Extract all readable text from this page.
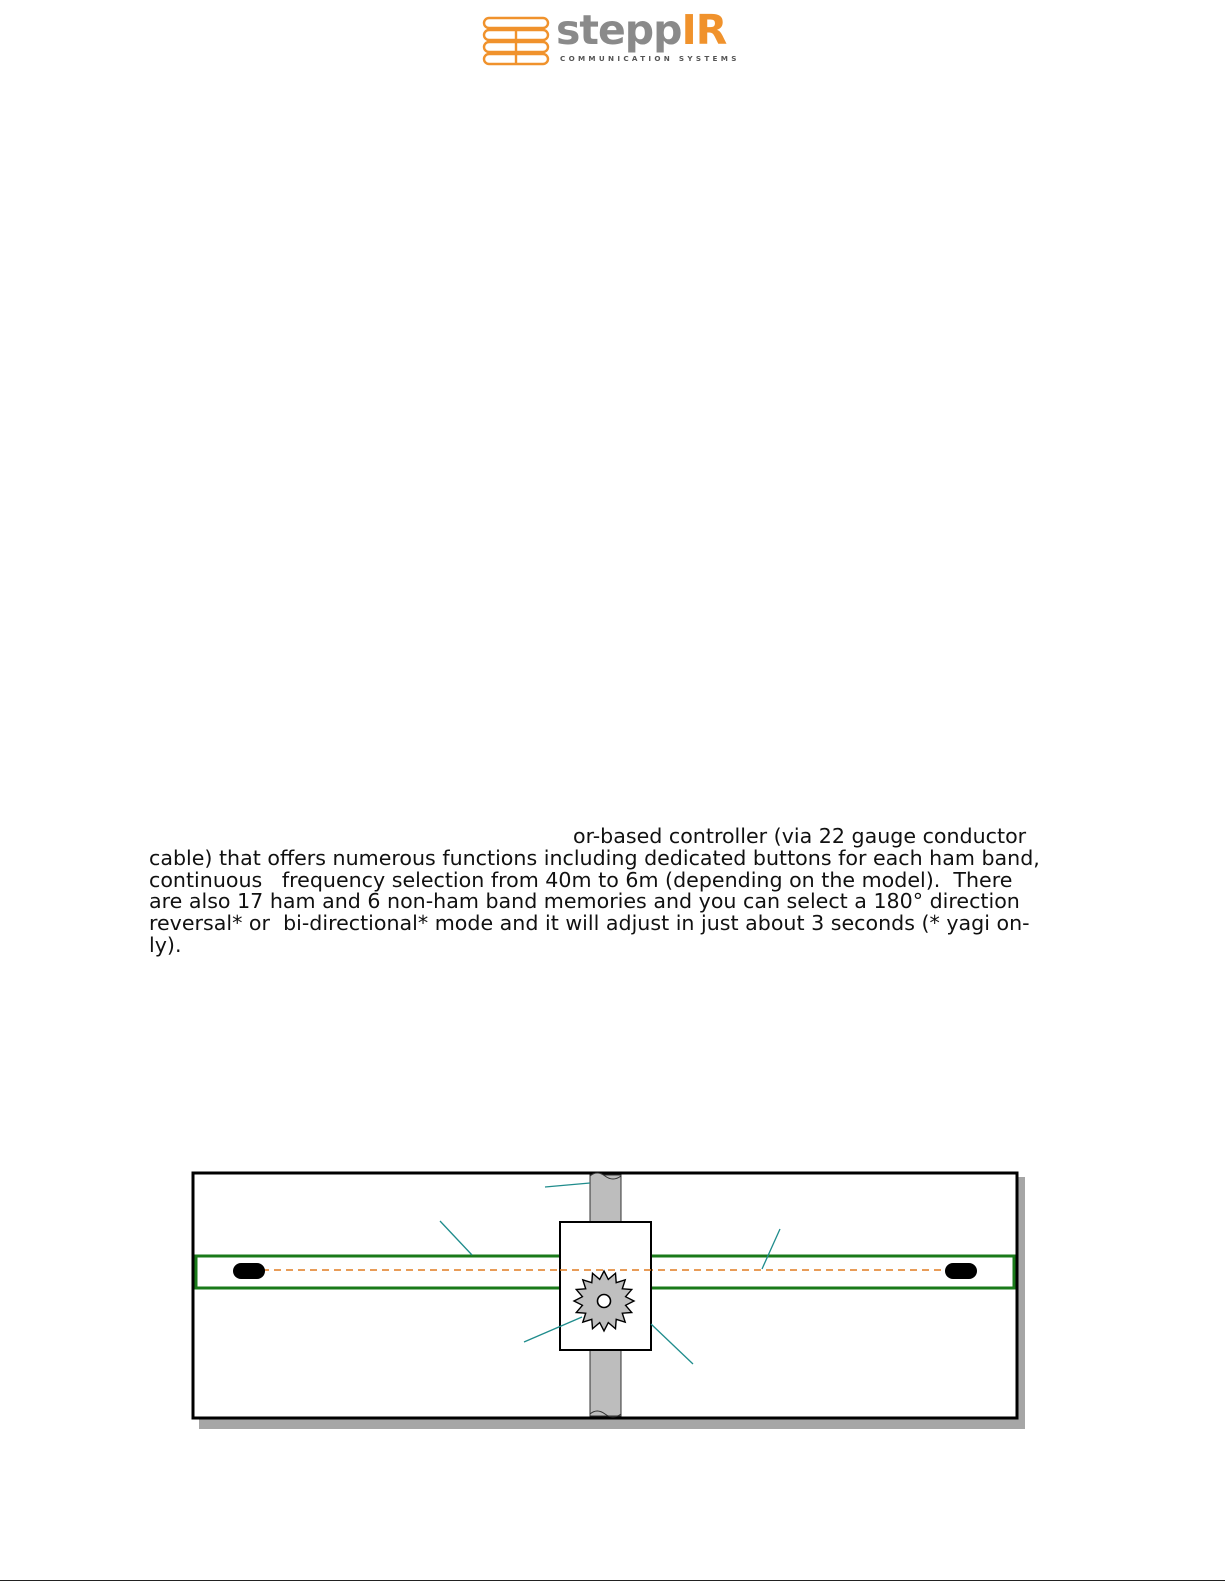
steppIR
COMMUNICATION SYSTEMS
or-based controller (via 22 gauge conductor
cable) that offers numerous functions including dedicated buttons for each ham band,
continuous   frequency selection from 40m to 6m (depending on the model).  There
are also 17 ham and 6 non-ham band memories and you can select a 180° direction
reversal* or  bi-directional* mode and it will adjust in just about 3 seconds (* yagi on-
ly).
